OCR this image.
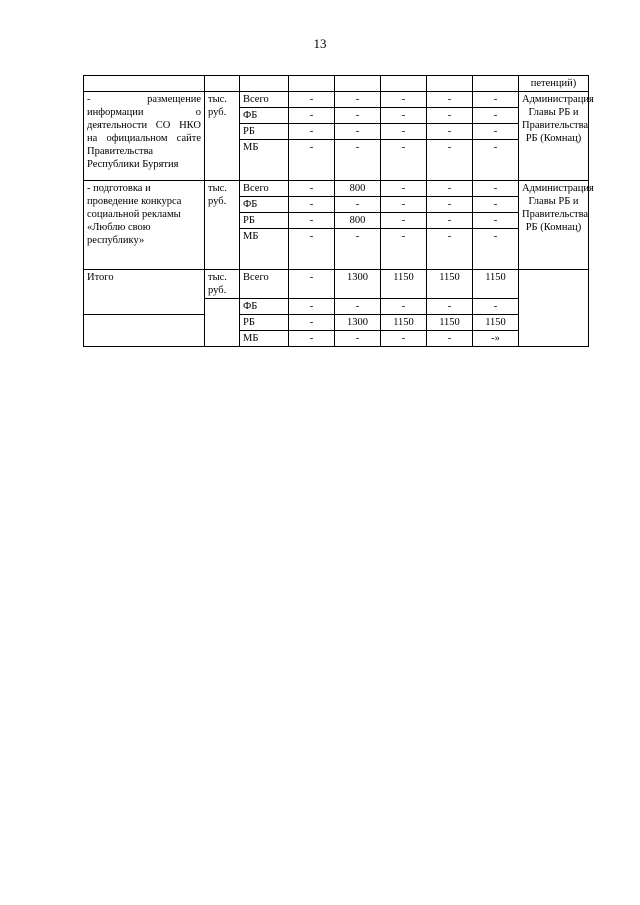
13
								петенций)
- размещение информации о деятельности СО НКО на официальном сайте Правительства Республики Бурятия	тыс. руб.	Всего	-	-	-	-	-	Администрация Главы РБ и Правительства РБ (Комнац)
		ФБ	-	-	-	-	-	
		РБ	-	-	-	-	-	
		МБ	-	-	-	-	-	
- подготовка и проведение конкурса социальной рекламы «Люблю свою республику»	тыс. руб.	Всего	-	800	-	-	-	Администрация Главы РБ и Правительства РБ (Комнац)
		ФБ	-	-	-	-	-	
		РБ	-	800	-	-	-	
		МБ	-	-	-	-	-	
Итого	тыс. руб.	Всего	-	1300	1150	1150	1150	
		ФБ	-	-	-	-	-	
		РБ	-	1300	1150	1150	1150	
		МБ	-	-	-	-	-»	
